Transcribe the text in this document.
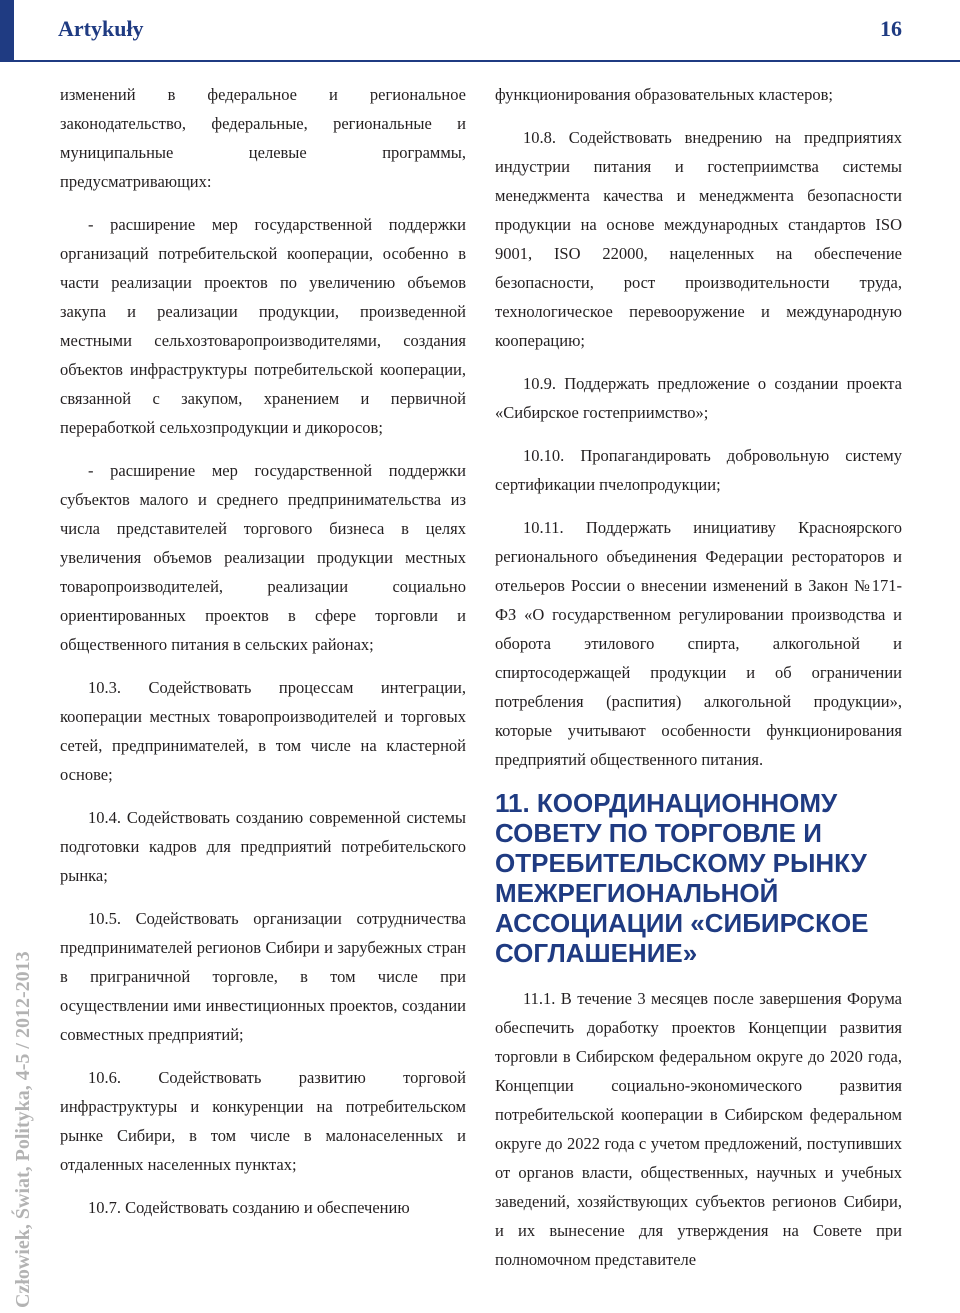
Artykuły	16
Człowiek, Świat, Polityka, 4-5 / 2012-2013

изменений в федеральное и региональное законодательство, федеральные, региональные и муниципальные целевые программы, предусматривающих:

- расширение мер государственной поддержки организаций потребительской кооперации, особенно в части реализации проектов по увеличению объемов закупа и реализации продукции, произведенной местными сельхозтоваропроизводителями, создания объектов инфраструктуры потребительской кооперации, связанной с закупом, хранением и первичной переработкой сельхозпродукции и дикоросов;

- расширение мер государственной поддержки субъектов малого и среднего предпринимательства из числа представителей торгового бизнеса в целях увеличения объемов реализации продукции местных товаропроизводителей, реализации социально ориентированных проектов в сфере торговли и общественного питания в сельских районах;

10.3. Содействовать процессам интеграции, кооперации местных товаропроизводителей и торговых сетей, предпринимателей, в том числе на кластерной основе;

10.4. Содействовать созданию современной системы подготовки кадров для предприятий потребительского рынка;

10.5. Содействовать организации сотрудничества предпринимателей регионов Сибири и зарубежных стран в приграничной торговле, в том числе при осуществлении ими инвестиционных проектов, создании совместных предприятий;

10.6. Содействовать развитию торговой инфраструктуры и конкуренции на потребительском рынке Сибири, в том числе в малонаселенных и отдаленных населенных пунктах;

10.7. Содействовать созданию и обеспечению

функционирования образовательных кластеров;

10.8. Содействовать внедрению на предприятиях индустрии питания и гостеприимства системы менеджмента качества и менеджмента безопасности продукции на основе международных стандартов ISO 9001, ISO 22000, нацеленных на обеспечение безопасности, рост производительности труда, технологическое перевооружение и международную кооперацию;

10.9. Поддержать предложение о создании проекта «Сибирское гостеприимство»;

10.10. Пропагандировать добровольную систему сертификации пчелопродукции;

10.11. Поддержать инициативу Красноярского регионального объединения Федерации рестораторов и отельеров России о внесении изменений в Закон №171-ФЗ «О государственном регулировании производства и оборота этилового спирта, алкогольной и спиртосодержащей продукции и об ограничении потребления (распития) алкогольной продукции», которые учитывают особенности функционирования предприятий общественного питания.

11. КООРДИНАЦИОННОМУ СОВЕТУ ПО ТОРГОВЛЕ И ОТРЕБИТЕЛЬСКОМУ РЫНКУ МЕЖРЕГИОНАЛЬНОЙ АССОЦИАЦИИ «СИБИРСКОЕ СОГЛАШЕНИЕ»

11.1. В течение 3 месяцев после завершения Форума обеспечить доработку проектов Концепции развития торговли в Сибирском федеральном округе до 2020 года, Концепции социально-экономического развития потребительской кооперации в Сибирском федеральном округе до 2022 года с учетом предложений, поступивших от органов власти, общественных, научных и учебных заведений, хозяйствующих субъектов регионов Сибири, и их вынесение для утверждения на Совете при полномочном представителе
